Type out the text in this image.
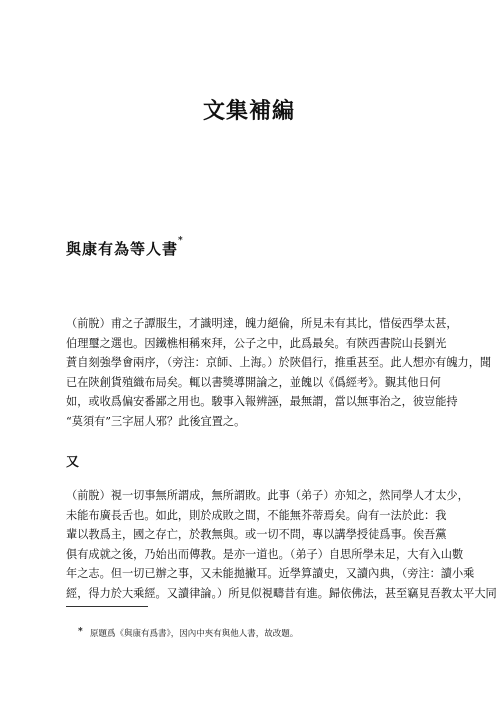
文集補編
與康有為等人書*
（前脫）甫之子譚服生，才識明達，魄力絕倫，所見未有其比，惜佞西學太甚，
伯理璽之選也。因鐵樵相稱來拜，公子之中，此爲最矣。有陝西書院山長劉光
蕡自刻強學會兩序，（旁注：京師、上海。）於陝倡行，推重甚至。此人想亦有魄力，聞
已在陝創貨殖織布局矣。輒以書獎導開論之，並餽以《僞經考》。覲其他日何
如，或收爲偏安番鄙之用也。駿事入報辨誣，最無謂，當以無事治之，彼豈能持
“莫須有”三字屈人邪？此後宜置之。
又
（前脫）視一切事無所謂成，無所謂敗。此事（弟子）亦知之，然同學人才太少，
未能布廣長舌也。如此，則於成敗之間，不能無芥蒂焉矣。尙有一法於此：我
輩以教爲主，國之存亡，於教無與。或一切不問，專以講學授徒爲事。俟吾黨
俱有成就之後，乃始出而傳教。是亦一道也。（弟子）自思所學未足，大有入山數
年之志。但一切已辦之事，又未能拋撇耳。近學算讀史，又讀內典，（旁注：讀小乘
經，得力於大乘經。又讀律論。）所見似視疇昔有進。歸依佛法，甚至竊見吾教太平大同
* 原題爲《與康有爲書》，因內中夾有與他人書，故改題。
